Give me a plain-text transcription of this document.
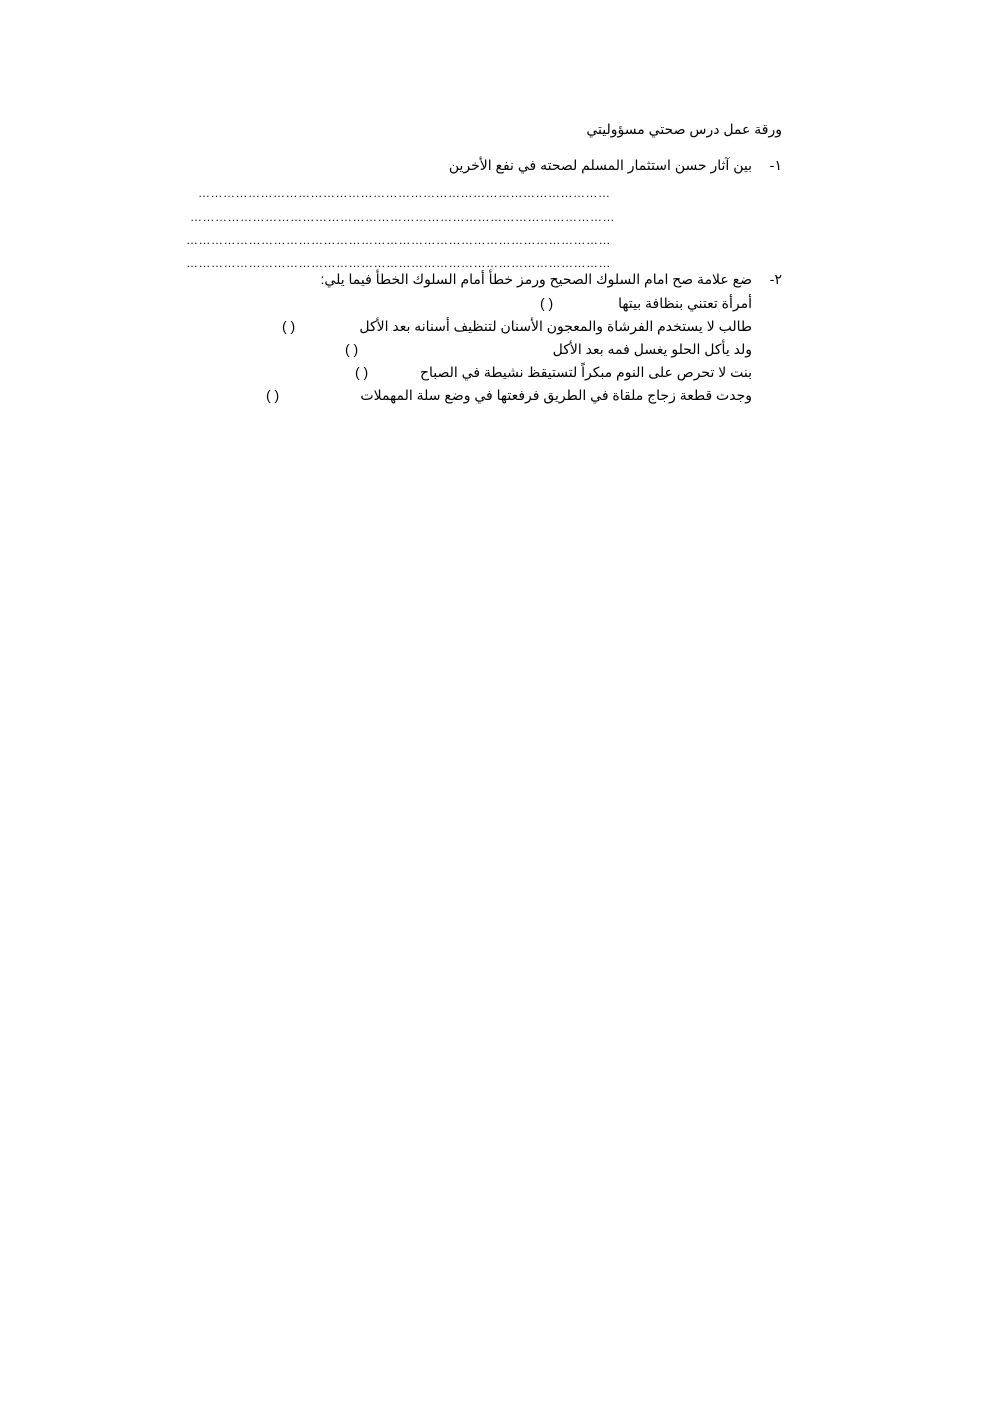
ورقة عمل درس صحتي مسؤوليتي
١-
بين آثار حسن استثمار المسلم لصحته في نفع الأخرين
………………………………………………………………………………………
…………………………………………………………………………………………
…………………………………………………………………………………………
…………………………………………………………………………………………
٢-
ضع علامة صح امام السلوك الصحيح ورمز خطأ أمام السلوك الخطأ فيما يلي:
أمرأة تعتني بنظافة بيتها
( )
طالب لا يستخدم الفرشاة والمعجون الأسنان لتنظيف أسنانه بعد الأكل
( )
ولد يأكل الحلو يغسل فمه بعد الأكل
( )
بنت لا تحرص على النوم مبكراً لتستيقظ نشيطة في الصباح
( )
وجدت قطعة زجاج ملقاة في الطريق فرفعتها في وضع سلة المهملات
( )
